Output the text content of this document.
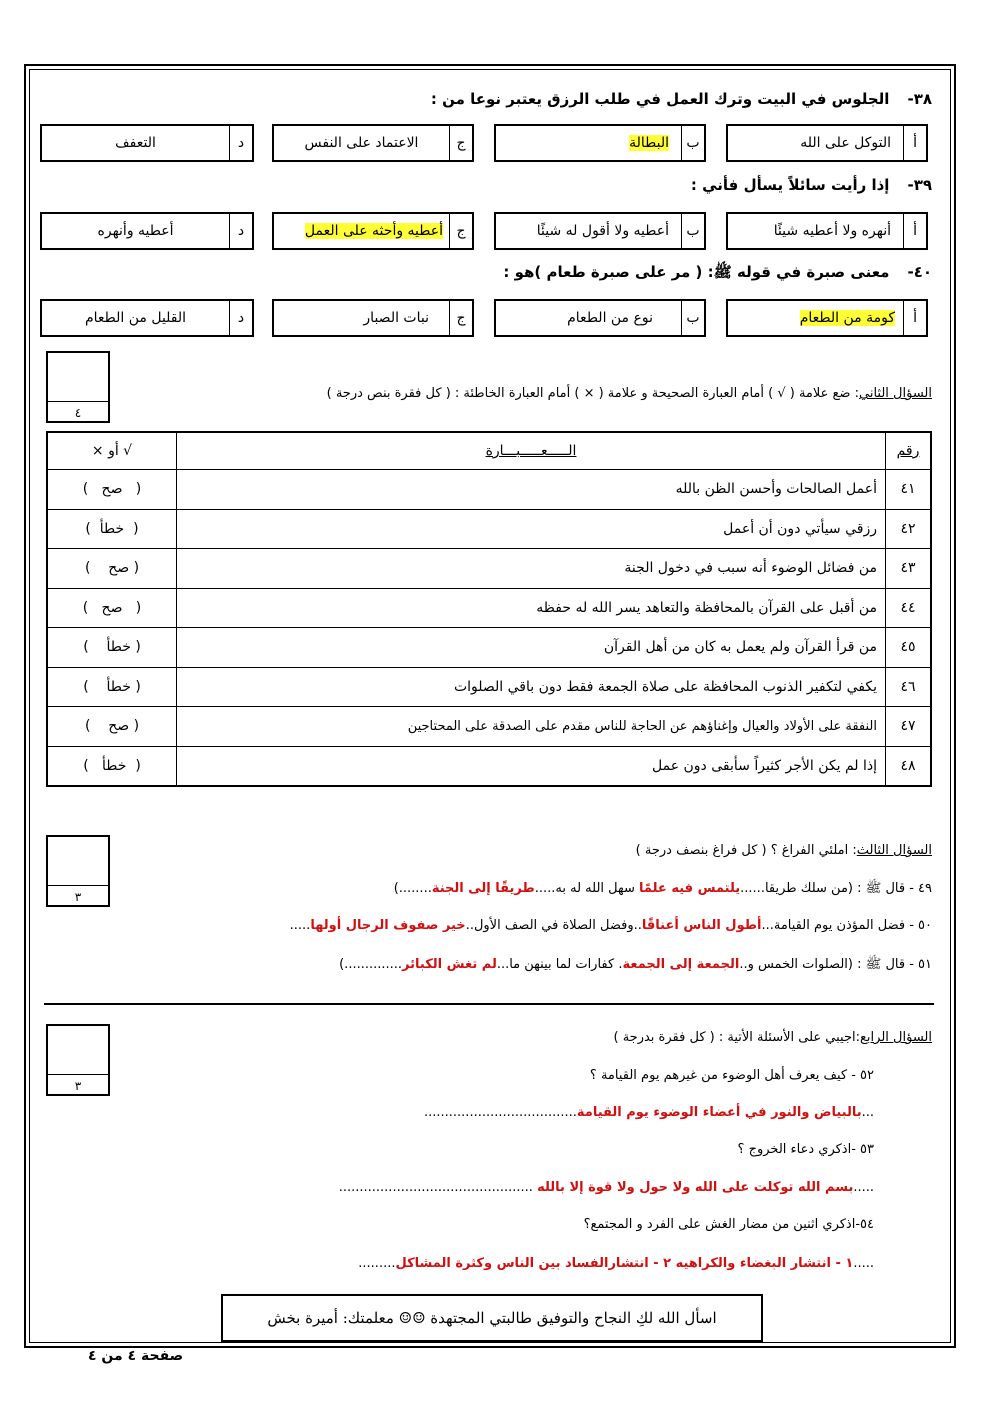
٣٨-الجلوس في البيت وترك العمل في طلب الرزق يعتبر نوعا من :
أ
التوكل على الله
ب
البطالة
ج
الاعتماد على النفس
د
التعفف
٣٩-إذا رأيت سائلاً يسأل فأني :
أ
أنهره ولا أعطيه شيئًا
ب
أعطيه ولا أقول له شيئًا
ج
أعطيه وأحثه على العمل
د
أعطيه وأنهره
٤٠-معنى صبرة في قوله ﷺ: ( مر على صبرة طعام )هو :
أ
كومة من الطعام
ب
نوع من الطعام
ج
نبات الصبار
د
القليل من الطعام
٤
السؤال الثاني: ضع علامة ( √ ) أمام العبارة الصحيحة و علامة ( × ) أمام العبارة الخاطئة : ( كل فقرة بنص درجة )
رقم	الـــــعـــــبـــارة	√ أو ×
٤١	أعمل الصالحات وأحسن الظن بالله	(   صح   )
٤٢	رزقي سيأتي دون أن أعمل	(  خطأ  )
٤٣	من فضائل الوضوء أنه سبب في دخول الجنة	( صح    )
٤٤	من أقبل على القرآن بالمحافظة والتعاهد يسر الله له حفظه	(   صح   )
٤٥	من قرأ القرآن ولم يعمل به كان من أهل القرآن	( خطأ    )
٤٦	يكفي لتكفير الذنوب المحافظة على صلاة الجمعة فقط دون باقي الصلوات	( خطأ    )
٤٧	النفقة على الأولاد والعيال وإغناؤهم عن الحاجة للناس مقدم على الصدقة على المحتاجين	( صح    )
٤٨	إذا لم يكن الأجر كثيراً سأبقى دون عمل	(  خطأ   )
٣
السؤال الثالث: املئي الفراغ ؟ ( كل فراغ بنصف درجة )
٤٩ - قال ﷺ : (من سلك طريقا......يلتمس فيه علمًا سهل الله له به.....طريقًا إلى الجنة........)
٥٠ - فضل المؤذن يوم القيامة...أطول الناس أعناقًا..وفضل الصلاة في الصف الأول..خير صفوف الرجال أولها.....
٥١ - قال ﷺ : (الصلوات الخمس و..الجمعة إلى الجمعة. كفارات لما بينهن ما...لم تغش الكبائر..............)
٣
السؤال الرابع:اجيبي على الأسئلة الأتية : ( كل فقرة بدرجة )
٥٢ - كيف يعرف أهل الوضوء من غيرهم يوم القيامة ؟
...بالبياض والنور في أعضاء الوضوء يوم القيامة.....................................
٥٣ -اذكري دعاء الخروج ؟
.....بسم الله توكلت على الله ولا حول ولا قوة إلا بالله ...............................................
٥٤-اذكري اثنين من مضار الغش على الفرد و المجتمع؟
.....١ - انتشار البغضاء والكراهيه ٢ - انتشارالفساد بين الناس وكثرة المشاكل.........
اسأل الله لكِ النجاح والتوفيق طالبتي المجتهدة ☺☺ معلمتك: أميرة بخش
صفحة ٤ من ٤
